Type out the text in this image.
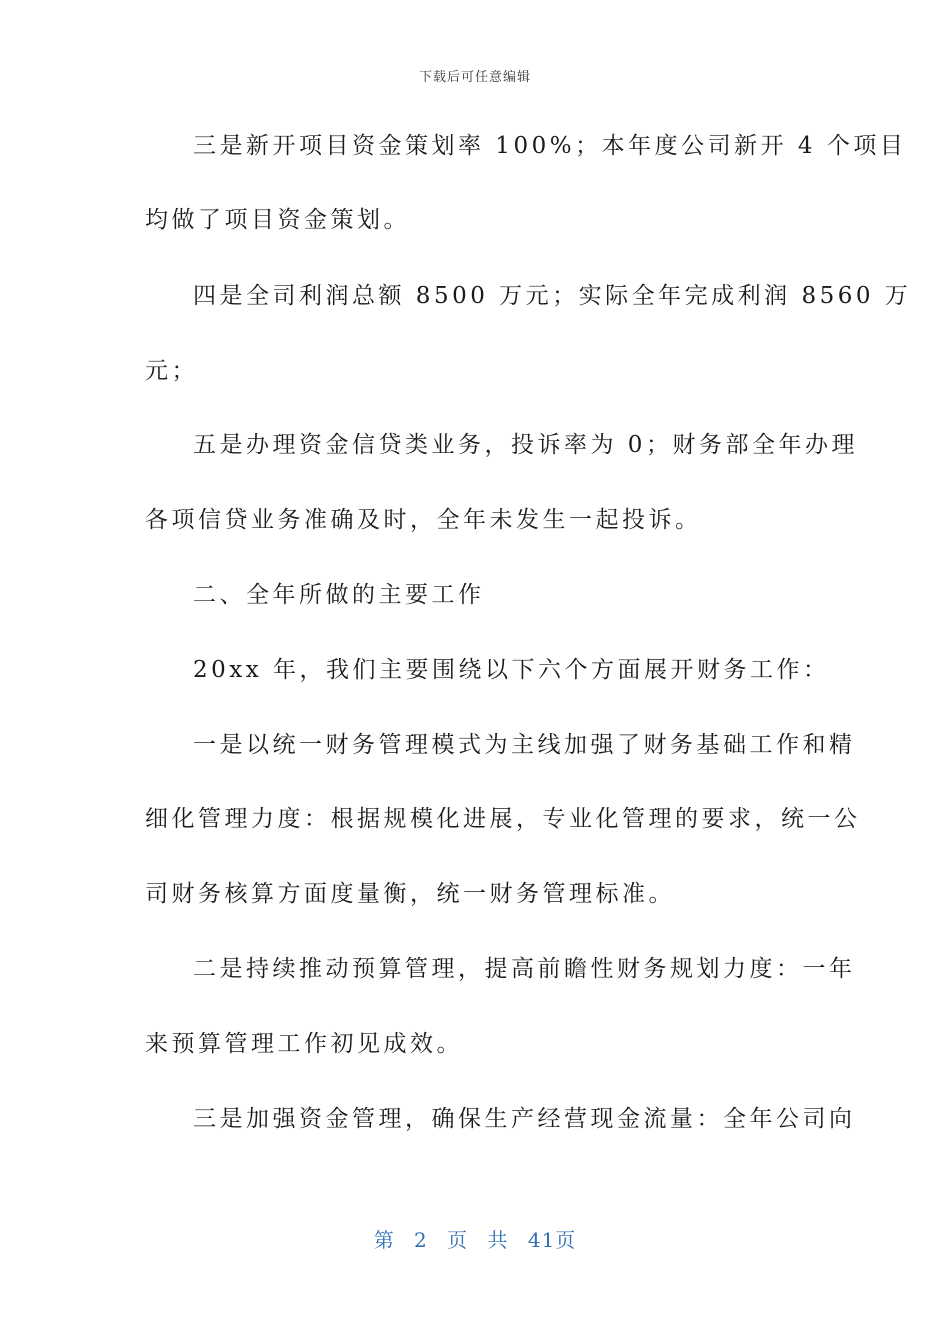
下载后可任意编辑
三是新开项目资金策划率 100%；本年度公司新开 4 个项目
均做了项目资金策划。
四是全司利润总额 8500 万元；实际全年完成利润 8560 万
元；
五是办理资金信贷类业务，投诉率为 0；财务部全年办理
各项信贷业务准确及时，全年未发生一起投诉。
二、全年所做的主要工作
20xx 年，我们主要围绕以下六个方面展开财务工作：
一是以统一财务管理模式为主线加强了财务基础工作和精
细化管理力度：根据规模化进展，专业化管理的要求，统一公
司财务核算方面度量衡，统一财务管理标准。
二是持续推动预算管理，提高前瞻性财务规划力度：一年
来预算管理工作初见成效。
三是加强资金管理，确保生产经营现金流量：全年公司向
第 2 页 共 41页
